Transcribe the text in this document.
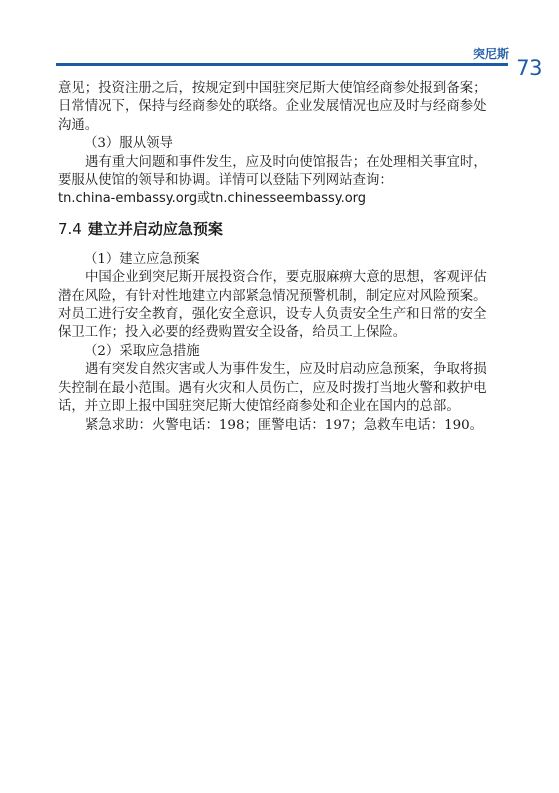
突尼斯
73
意见；投资注册之后，按规定到中国驻突尼斯大使馆经商参处报到备案；
日常情况下，保持与经商参处的联络。企业发展情况也应及时与经商参处
沟通。
（3）服从领导
遇有重大问题和事件发生，应及时向使馆报告；在处理相关事宜时，
要服从使馆的领导和协调。详情可以登陆下列网站查询：
tn.china-embassy.org或tn.chinesseembassy.org
7.4 建立并启动应急预案
（1）建立应急预案
中国企业到突尼斯开展投资合作，要克服麻痹大意的思想，客观评估
潜在风险，有针对性地建立内部紧急情况预警机制，制定应对风险预案。
对员工进行安全教育，强化安全意识，设专人负责安全生产和日常的安全
保卫工作；投入必要的经费购置安全设备，给员工上保险。
（2）采取应急措施
遇有突发自然灾害或人为事件发生，应及时启动应急预案，争取将损
失控制在最小范围。遇有火灾和人员伤亡，应及时拨打当地火警和救护电
话，并立即上报中国驻突尼斯大使馆经商参处和企业在国内的总部。
紧急求助：火警电话：198；匪警电话：197；急救车电话：190。
